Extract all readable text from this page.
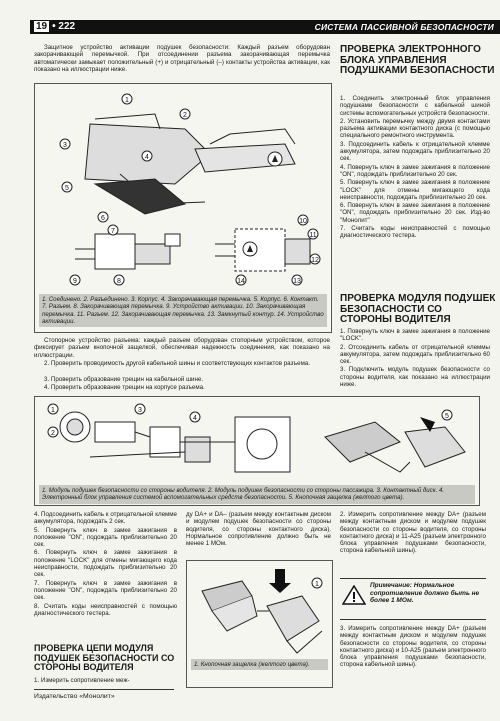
19 • 222	СИСТЕМА ПАССИВНОЙ БЕЗОПАСНОСТИ

Защитное устройство активации подушек безопасности: Каждый разъем оборудован закорачивающей перемычкой. При отсоединении разъема закорачивающая перемычка автоматически замыкает положительный (+) и отрицательный (–) контакты устройства активации, как показано на иллюстрации ниже.

1
2
3
4
5
6
7
8
9
10
11
12
13
14
1. Соединено. 2. Разъединено. 3. Корпус. 4. Закорачивающая перемычка. 5. Корпус. 6. Контакт. 7. Разъем. 8. Закорачивающая перемычка. 9. Устройство активации. 10. Закорачивающая перемычка. 11. Разъем. 12. Закорачивающая перемычка. 13. Замкнутый контур. 14. Устройство активации.

Стопорное устройство разъема: каждый разъем оборудован стопорным устройством, которое фиксирует разъем кнопочной защелкой, обеспечивая надежность соединения, как показано на иллюстрации.

2. Проверить проводимость другой кабельной шины и соответствующих контактов разъема.

3. Проверить образование трещин на кабельной шине.

4. Проверить образование трещин на корпусе разъема.

ПРОВЕРКА ЭЛЕКТРОННОГО БЛОКА УПРАВЛЕНИЯ ПОДУШКАМИ БЕЗОПАСНОСТИ

1. Соединить электронный блок управления подушками безопасности с кабельной шиной системы вспомогательных устройств безопасности.

2. Установить перемычку между двумя контактами разъема активации контактного диска (с помощью специального ремонтного инструмента.

3. Подсоединить кабель к отрицательной клемме аккумулятора, затем подождать приблизительно 20 сек.

4. Повернуть ключ в замке зажигания в положение "ON", подождать приблизительно 20 сек.

5. Повернуть ключ в замке зажигания в положение "LOCK" для отмены мигающего кода неисправности, подождать приблизительно 20 сек.

6. Повернуть ключ в замке зажигания в положение "ON", подождать приблизительно 20 сек. Изд-во "Монолит"

7. Считать коды неисправностей с помощью диагностического тестера.

ПРОВЕРКА МОДУЛЯ ПОДУШЕК БЕЗОПАСНОСТИ СО СТОРОНЫ ВОДИТЕЛЯ

1. Повернуть ключ в замке зажигания в положение "LOCK".

2. Отсоединить кабель от отрицательной клеммы аккумулятора, затем подождать приблизительно 60 сек.

3. Подключить модуль подушек безопасности со стороны водителя, как показано на иллюстрации ниже.

1
2
3
4	5
1. Модуль подушек безопасности со стороны водителя. 2. Модуль подушек безопасности со стороны пассажира. 3. Контактный диск. 4. Электронный блок управления системой вспомогательных средств безопасности. 5. Кнопочная защелка (желтого цвета).

4. Подсоединить кабель к отрицательной клемме аккумулятора, подождать 2 сек.

5. Повернуть ключ в замке зажигания в положение "ON", подождать приблизительно 20 сек.

6. Повернуть ключ в замке зажигания в положение "LOCK" для отмены мигающего кода неисправности, подождать приблизительно 20 сек.

7. Повернуть ключ в замке зажигания в положение "ON", подождать приблизительно 20 сек.

8. Считать коды неисправностей с помощью диагностического тестера.

ПРОВЕРКА ЦЕПИ МОДУЛЯ ПОДУШЕК БЕЗОПАСНОСТИ СО СТОРОНЫ ВОДИТЕЛЯ

1. Измерить сопротивление меж-

Издательство «Монолит»

ду DA+ и DA– (разъем между контактным диском и модулем подушек безопасности со стороны водителя, со стороны контактного диска). Нормальное сопротивление должно быть не менее 1 МОм.

1
1. Кнопочная защелка (желтого цвета).

2. Измерить сопротивление между DA+ (разъем между контактным диском и модулем подушек безопасности со стороны водителя, со стороны контактного диска) и 11-A25 (разъем электронного блока управления подушками безопасности, сторона кабельной шины).

Примечание: Нормальное сопротивление должно быть не более 1 МОм.

3. Измерить сопротивление между DA+ (разъем между контактным диском и модулем подушек безопасности со стороны водителя, со стороны контактного диска) и 10-A25 (разъем электронного блока управления подушками безопасности, сторона кабельной шины).
